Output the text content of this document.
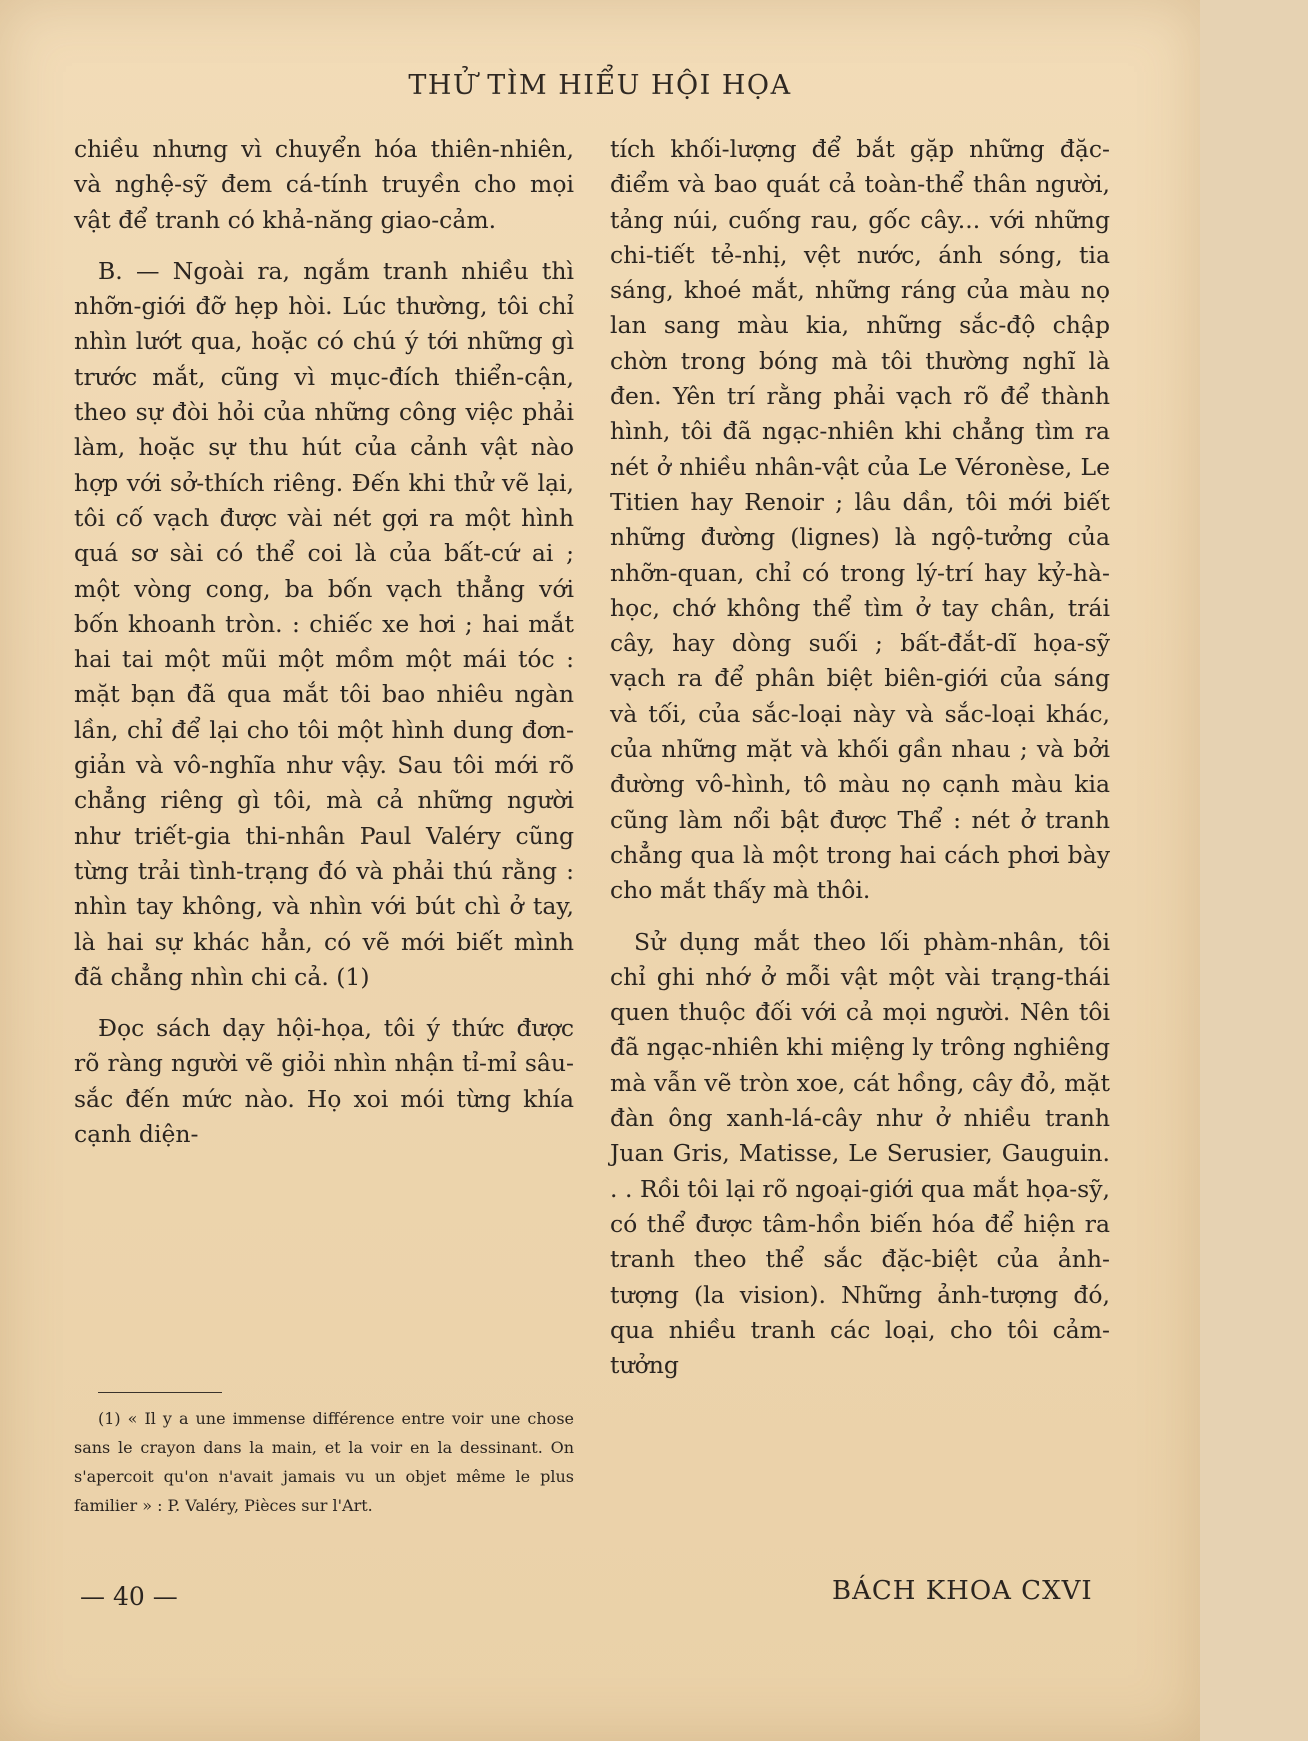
THỬ TÌM HIỂU HỘI HỌA

chiều nhưng vì chuyển hóa thiên-nhiên, và nghệ-sỹ đem cá-tính truyền cho mọi vật để tranh có khả-năng giao-cảm.

B. — Ngoài ra, ngắm tranh nhiều thì nhỡn-giới đỡ hẹp hòi. Lúc thường, tôi chỉ nhìn lướt qua, hoặc có chú ý tới những gì trước mắt, cũng vì mục-đích thiển-cận, theo sự đòi hỏi của những công việc phải làm, hoặc sự thu hút của cảnh vật nào hợp với sở-thích riêng. Đến khi thử vẽ lại, tôi cố vạch được vài nét gợi ra một hình quá sơ sài có thể coi là của bất-cứ ai ; một vòng cong, ba bốn vạch thẳng với bốn khoanh tròn. : chiếc xe hơi ; hai mắt hai tai một mũi một mồm một mái tóc : mặt bạn đã qua mắt tôi bao nhiêu ngàn lần, chỉ để lại cho tôi một hình dung đơn-giản và vô-nghĩa như vậy. Sau tôi mới rõ chẳng riêng gì tôi, mà cả những người như triết-gia thi-nhân Paul Valéry cũng từng trải tình-trạng đó và phải thú rằng : nhìn tay không, và nhìn với bút chì ở tay, là hai sự khác hẳn, có vẽ mới biết mình đã chẳng nhìn chi cả. (1)

Đọc sách dạy hội-họa, tôi ý thức được rõ ràng người vẽ giỏi nhìn nhận tỉ-mỉ sâu-sắc đến mức nào. Họ xoi mói từng khía cạnh diện-

tích khối-lượng để bắt gặp những đặc-điểm và bao quát cả toàn-thể thân người, tảng núi, cuống rau, gốc cây... với những chi-tiết tẻ-nhị, vệt nước, ánh sóng, tia sáng, khoé mắt, những ráng của màu nọ lan sang màu kia, những sắc-độ chập chờn trong bóng mà tôi thường nghĩ là đen. Yên trí rằng phải vạch rõ để thành hình, tôi đã ngạc-nhiên khi chẳng tìm ra nét ở nhiều nhân-vật của Le Véronèse, Le Titien hay Renoir ; lâu dần, tôi mới biết những đường (lignes) là ngộ-tưởng của nhỡn-quan, chỉ có trong lý-trí hay kỷ-hà-học, chớ không thể tìm ở tay chân, trái cây, hay dòng suối ; bất-đắt-dĩ họa-sỹ vạch ra để phân biệt biên-giới của sáng và tối, của sắc-loại này và sắc-loại khác, của những mặt và khối gần nhau ; và bởi đường vô-hình, tô màu nọ cạnh màu kia cũng làm nổi bật được Thể : nét ở tranh chẳng qua là một trong hai cách phơi bày cho mắt thấy mà thôi.

Sử dụng mắt theo lối phàm-nhân, tôi chỉ ghi nhớ ở mỗi vật một vài trạng-thái quen thuộc đối với cả mọi người. Nên tôi đã ngạc-nhiên khi miệng ly trông nghiêng mà vẫn vẽ tròn xoe, cát hồng, cây đỏ, mặt đàn ông xanh-lá-cây như ở nhiều tranh Juan Gris, Matisse, Le Serusier, Gauguin. . . Rồi tôi lại rõ ngoại-giới qua mắt họa-sỹ, có thể được tâm-hồn biến hóa để hiện ra tranh theo thể sắc đặc-biệt của ảnh-tượng (la vision). Những ảnh-tượng đó, qua nhiều tranh các loại, cho tôi cảm-tưởng

(1) « Il y a une immense différence entre voir une chose sans le crayon dans la main, et la voir en la dessinant. On s'apercoit qu'on n'avait jamais vu un objet même le plus familier » : P. Valéry, Pièces sur l'Art.
— 40 —	BÁCH KHOA CXVI
